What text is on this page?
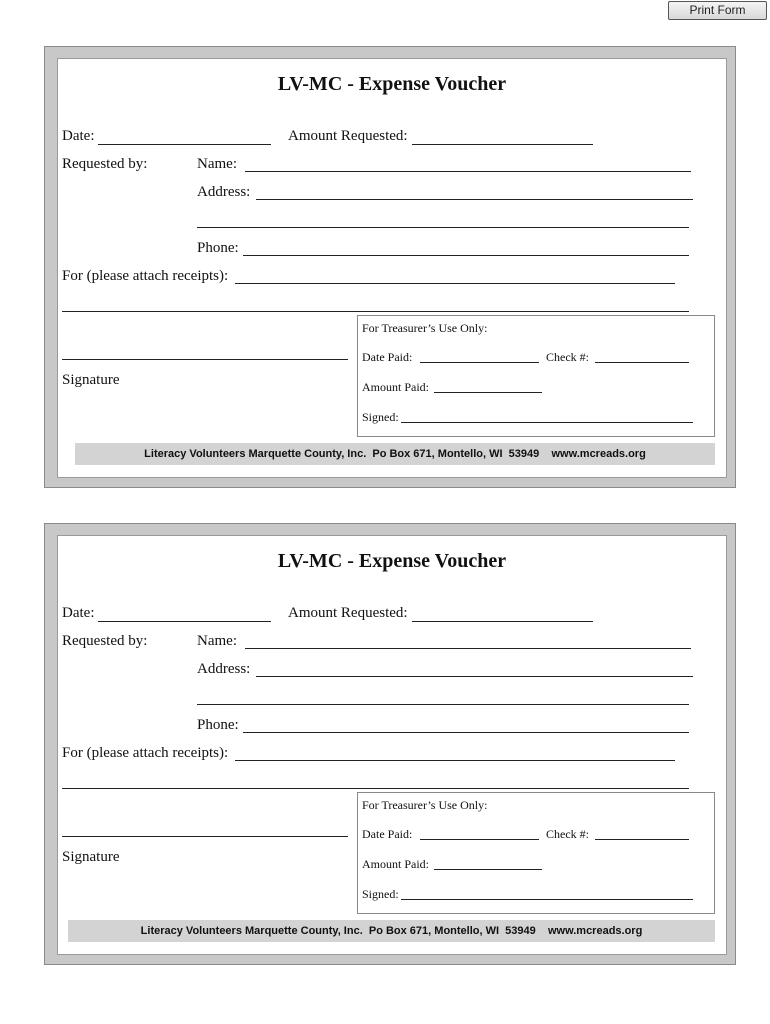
Print Form
LV-MC - Expense Voucher
Date:	Amount Requested:
Requested by:	Name:
Address:
Phone:
For (please attach receipts):
Signature
For Treasurer’s Use Only:
Date Paid:	Check #:
Amount Paid:
Signed:
Literacy Volunteers Marquette County, Inc.  Po Box 671, Montello, WI  53949    www.mcreads.org
LV-MC - Expense Voucher
Date:	Amount Requested:
Requested by:	Name:
Address:
Phone:
For (please attach receipts):
Signature
For Treasurer’s Use Only:
Date Paid:	Check #:
Amount Paid:
Signed:
Literacy Volunteers Marquette County, Inc.  Po Box 671, Montello, WI  53949    www.mcreads.org
